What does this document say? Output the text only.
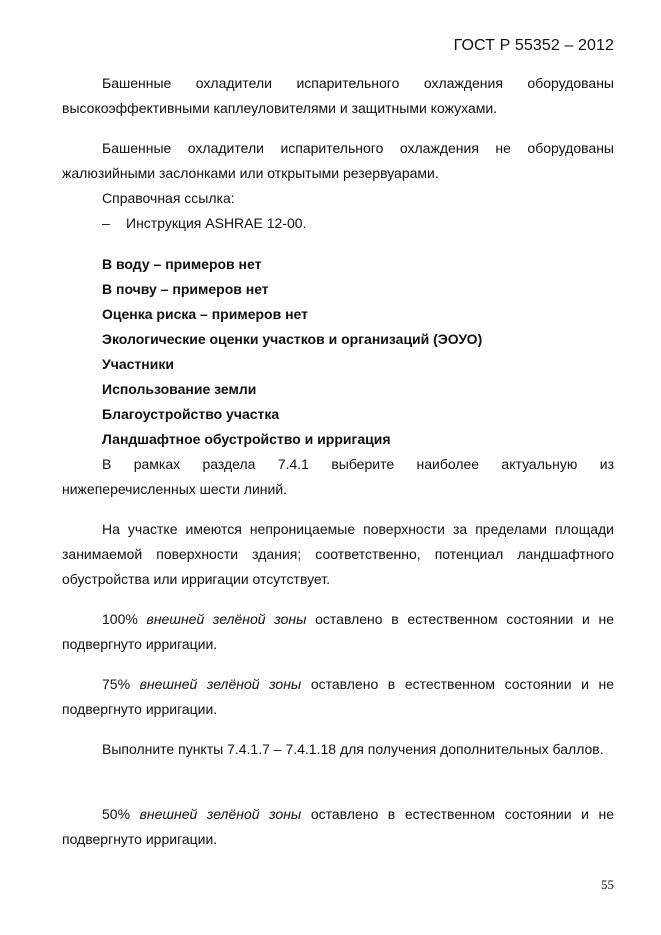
ГОСТ Р 55352 – 2012

Башенные охладители испарительного охлаждения оборудованы высокоэффективными каплеуловителями и защитными кожухами.

Башенные охладители испарительного охлаждения не оборудованы жалюзийными заслонками или открытыми резервуарами.

Справочная ссылка:
– Инструкция ASHRAE 12-00.
В воду – примеров нет
В почву – примеров нет
Оценка риска – примеров нет
Экологические оценки участков и организаций (ЭОУО)
Участники
Использование земли
Благоустройство участка
Ландшафтное обустройство и ирригация

В рамках раздела 7.4.1 выберите наиболее актуальную из нижеперечисленных шести линий.

На участке имеются непроницаемые поверхности за пределами площади занимаемой поверхности здания; соответственно, потенциал ландшафтного обустройства или ирригации отсутствует.

100% внешней зелёной зоны оставлено в естественном состоянии и не подвергнуто ирригации.

75% внешней зелёной зоны оставлено в естественном состоянии и не подвергнуто ирригации.

Выполните пункты 7.4.1.7 – 7.4.1.18 для получения дополнительных баллов.

50% внешней зелёной зоны оставлено в естественном состоянии и не подвергнуто ирригации.

55
